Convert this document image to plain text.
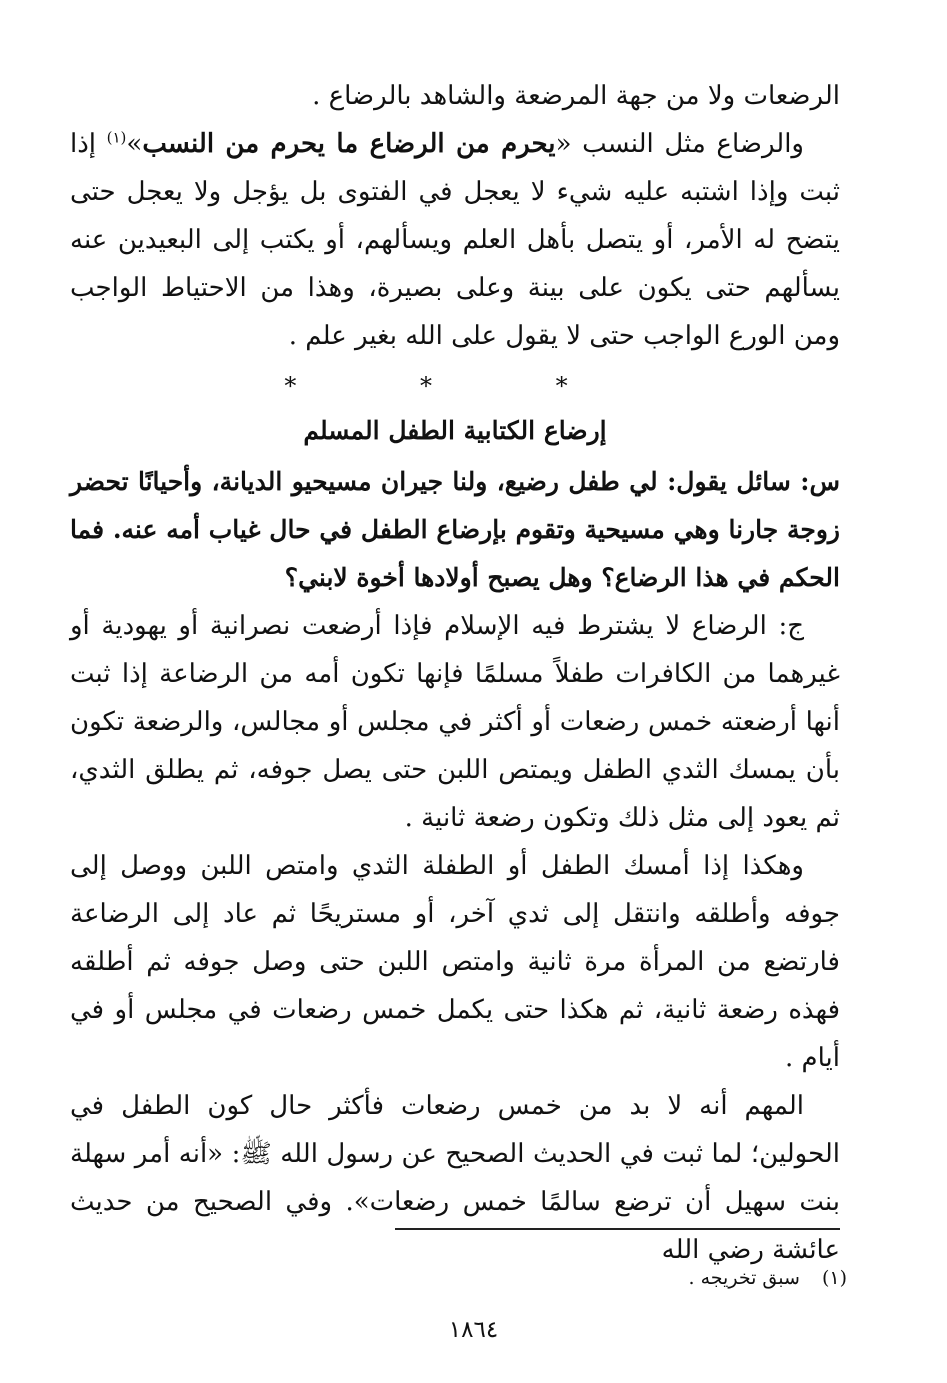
الرضعات ولا من جهة المرضعة والشاهد بالرضاع .

والرضاع مثل النسب «يحرم من الرضاع ما يحرم من النسب»$^{(١)}$ إذا ثبت وإذا اشتبه عليه شيء لا يعجل في الفتوى بل يؤجل ولا يعجل حتى يتضح له الأمر، أو يتصل بأهل العلم ويسألهم، أو يكتب إلى البعيدين عنه يسألهم حتى يكون على بينة وعلى بصيرة، وهذا من الاحتياط الواجب ومن الورع الواجب حتى لا يقول على الله بغير علم .

* * *

إرضاع الكتابية الطفل المسلم

س: سائل يقول: لي طفل رضيع، ولنا جيران مسيحيو الديانة، وأحيانًا تحضر زوجة جارنا وهي مسيحية وتقوم بإرضاع الطفل في حال غياب أمه عنه. فما الحكم في هذا الرضاع؟ وهل يصبح أولادها أخوة لابني؟

ج: الرضاع لا يشترط فيه الإسلام فإذا أرضعت نصرانية أو يهودية أو غيرهما من الكافرات طفلاً مسلمًا فإنها تكون أمه من الرضاعة إذا ثبت أنها أرضعته خمس رضعات أو أكثر في مجلس أو مجالس، والرضعة تكون بأن يمسك الثدي الطفل ويمتص اللبن حتى يصل جوفه، ثم يطلق الثدي، ثم يعود إلى مثل ذلك وتكون رضعة ثانية .

وهكذا إذا أمسك الطفل أو الطفلة الثدي وامتص اللبن ووصل إلى جوفه وأطلقه وانتقل إلى ثدي آخر، أو مستريحًا ثم عاد إلى الرضاعة فارتضع من المرأة مرة ثانية وامتص اللبن حتى وصل جوفه ثم أطلقه فهذه رضعة ثانية، ثم هكذا حتى يكمل خمس رضعات في مجلس أو في أيام .

المهم أنه لا بد من خمس رضعات فأكثر حال كون الطفل في الحولين؛ لما ثبت في الحديث الصحيح عن رسول الله ﷺ: «أنه أمر سهلة بنت سهيل أن ترضع سالمًا خمس رضعات». وفي الصحيح من حديث عائشة رضي الله

(١)سبق تخريجه .
١٨٦٤
